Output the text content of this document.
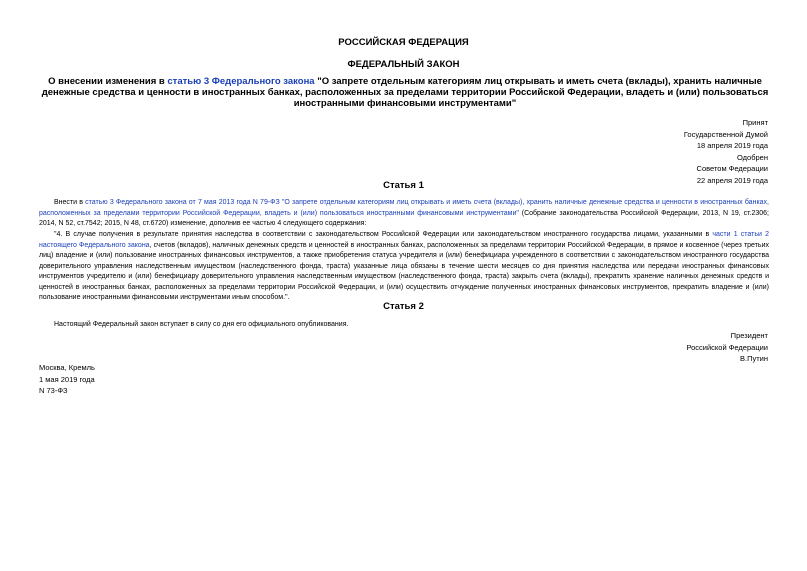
РОССИЙСКАЯ ФЕДЕРАЦИЯ
ФЕДЕРАЛЬНЫЙ ЗАКОН
О внесении изменения в статью 3 Федерального закона "О запрете отдельным категориям лиц открывать и иметь счета (вклады), хранить наличные денежные средства и ценности в иностранных банках, расположенных за пределами территории Российской Федерации, владеть и (или) пользоваться иностранными финансовыми инструментами"
Принят
Государственной Думой
18 апреля 2019 года
Одобрен
Советом Федерации
22 апреля 2019 года
Статья 1
Внести в статью 3 Федерального закона от 7 мая 2013 года N 79-ФЗ "О запрете отдельным категориям лиц открывать и иметь счета (вклады), хранить наличные денежные средства и ценности в иностранных банках, расположенных за пределами территории Российской Федерации, владеть и (или) пользоваться иностранными финансовыми инструментами" (Собрание законодательства Российской Федерации, 2013, N 19, ст.2306; 2014, N 52, ст.7542; 2015, N 48, ст.6720) изменение, дополнив ее частью 4 следующего содержания:
"4. В случае получения в результате принятия наследства в соответствии с законодательством Российской Федерации или законодательством иностранного государства лицами, указанными в части 1 статьи 2 настоящего Федерального закона, счетов (вкладов), наличных денежных средств и ценностей в иностранных банках, расположенных за пределами территории Российской Федерации, в прямое и косвенное (через третьих лиц) владение и (или) пользование иностранных финансовых инструментов, а также приобретения статуса учредителя и (или) бенефициара учрежденного в соответствии с законодательством иностранного государства доверительного управления наследственным имуществом (наследственного фонда, траста) указанные лица обязаны в течение шести месяцев со дня принятия наследства или передачи иностранных финансовых инструментов учредителю и (или) бенефициару доверительного управления наследственным имуществом (наследственного фонда, траста) закрыть счета (вклады), прекратить хранение наличных денежных средств и ценностей в иностранных банках, расположенных за пределами территории Российской Федерации, и (или) осуществить отчуждение полученных иностранных финансовых инструментов, прекратить владение и (или) пользование иностранными финансовыми инструментами иным способом.".
Статья 2
Настоящий Федеральный закон вступает в силу со дня его официального опубликования.
Президент
Российской Федерации
В.Путин
Москва, Кремль
1 мая 2019 года
N 73-ФЗ
